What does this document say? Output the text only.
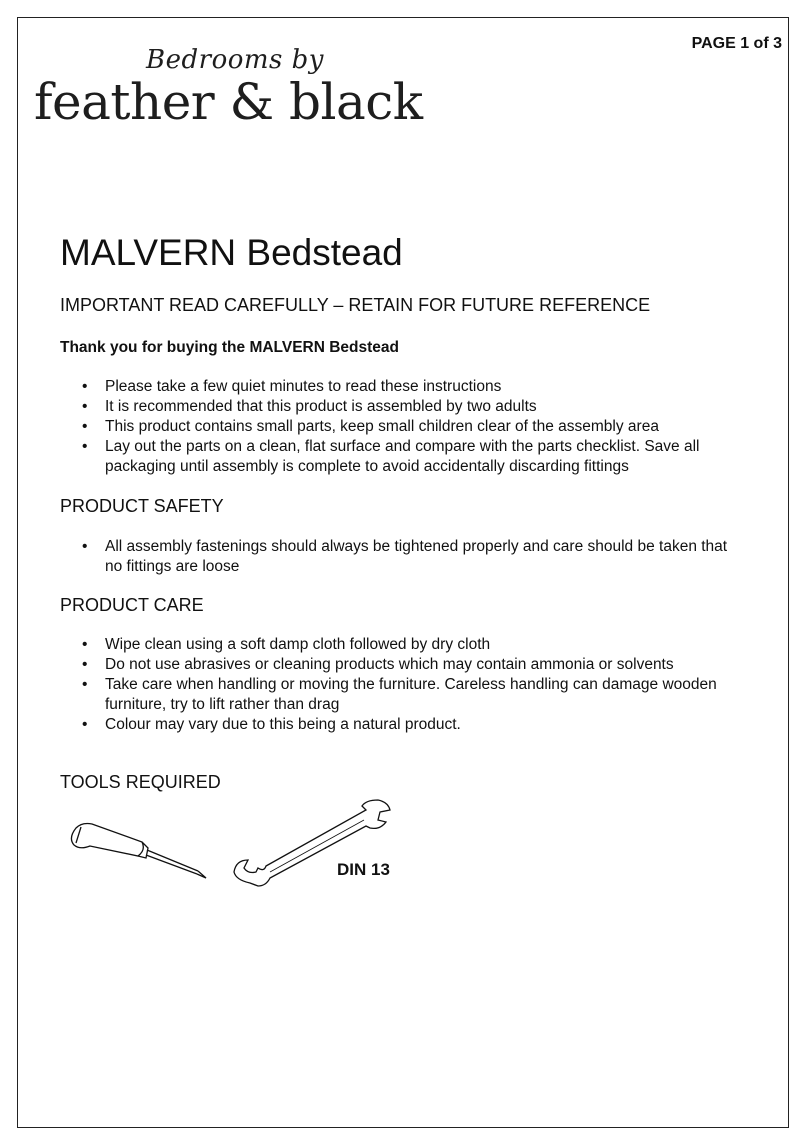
PAGE 1 of 3
Bedrooms by
feather & black
MALVERN Bedstead
IMPORTANT READ CAREFULLY – RETAIN FOR FUTURE REFERENCE
Thank you for buying the MALVERN Bedstead
• Please take a few quiet minutes to read these instructions
• It is recommended that this product is assembled by two adults
• This product contains small parts, keep small children clear of the assembly area
• Lay out the parts on a clean, flat surface and compare with the parts checklist. Save all packaging until assembly is complete to avoid accidentally discarding fittings
PRODUCT SAFETY
• All assembly fastenings should always be tightened properly and care should be taken that no fittings are loose
PRODUCT CARE
• Wipe clean using a soft damp cloth followed by dry cloth
• Do not use abrasives or cleaning products which may contain ammonia or solvents
• Take care when handling or moving the furniture. Careless handling can damage wooden furniture, try to lift rather than drag
• Colour may vary due to this being a natural product.
TOOLS REQUIRED
DIN 13
